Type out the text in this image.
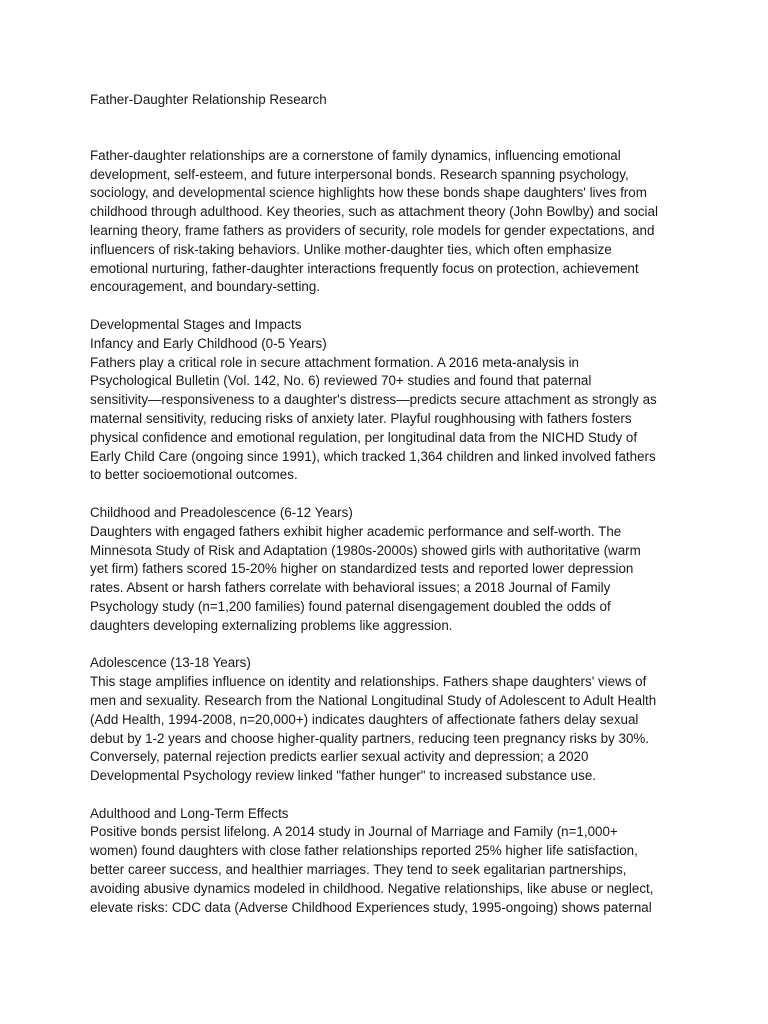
Father-Daughter Relationship Research

Father-daughter relationships are a cornerstone of family dynamics, influencing emotional
development, self-esteem, and future interpersonal bonds. Research spanning psychology,
sociology, and developmental science highlights how these bonds shape daughters' lives from
childhood through adulthood. Key theories, such as attachment theory (John Bowlby) and social
learning theory, frame fathers as providers of security, role models for gender expectations, and
influencers of risk-taking behaviors. Unlike mother-daughter ties, which often emphasize
emotional nurturing, father-daughter interactions frequently focus on protection, achievement
encouragement, and boundary-setting.

Developmental Stages and Impacts
Infancy and Early Childhood (0-5 Years)
Fathers play a critical role in secure attachment formation. A 2016 meta-analysis in
Psychological Bulletin (Vol. 142, No. 6) reviewed 70+ studies and found that paternal
sensitivity—responsiveness to a daughter's distress—predicts secure attachment as strongly as
maternal sensitivity, reducing risks of anxiety later. Playful roughhousing with fathers fosters
physical confidence and emotional regulation, per longitudinal data from the NICHD Study of
Early Child Care (ongoing since 1991), which tracked 1,364 children and linked involved fathers
to better socioemotional outcomes.
Childhood and Preadolescence (6-12 Years)
Daughters with engaged fathers exhibit higher academic performance and self-worth. The
Minnesota Study of Risk and Adaptation (1980s-2000s) showed girls with authoritative (warm
yet firm) fathers scored 15-20% higher on standardized tests and reported lower depression
rates. Absent or harsh fathers correlate with behavioral issues; a 2018 Journal of Family
Psychology study (n=1,200 families) found paternal disengagement doubled the odds of
daughters developing externalizing problems like aggression.
Adolescence (13-18 Years)
This stage amplifies influence on identity and relationships. Fathers shape daughters' views of
men and sexuality. Research from the National Longitudinal Study of Adolescent to Adult Health
(Add Health, 1994-2008, n=20,000+) indicates daughters of affectionate fathers delay sexual
debut by 1-2 years and choose higher-quality partners, reducing teen pregnancy risks by 30%.
Conversely, paternal rejection predicts earlier sexual activity and depression; a 2020
Developmental Psychology review linked "father hunger" to increased substance use.
Adulthood and Long-Term Effects
Positive bonds persist lifelong. A 2014 study in Journal of Marriage and Family (n=1,000+
women) found daughters with close father relationships reported 25% higher life satisfaction,
better career success, and healthier marriages. They tend to seek egalitarian partnerships,
avoiding abusive dynamics modeled in childhood. Negative relationships, like abuse or neglect,
elevate risks: CDC data (Adverse Childhood Experiences study, 1995-ongoing) shows paternal
